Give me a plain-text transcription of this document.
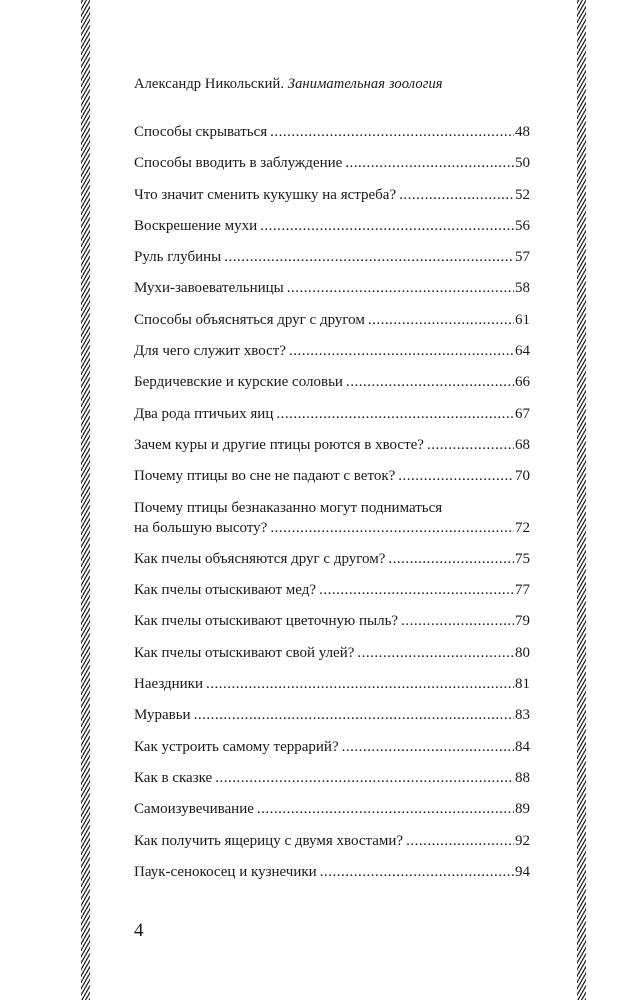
Александр Никольский. Занимательная зоология
Способы скрываться .....	48
Способы вводить в заблуждение .....	50
Что значит сменить кукушку на ястреба? .....	52
Воскрешение мухи .....	56
Руль глубины .....	57
Мухи-завоевательницы .....	58
Способы объясняться друг с другом .....	61
Для чего служит хвост? .....	64
Бердичевские и курские соловьи .....	66
Два рода птичьих яиц .....	67
Зачем куры и другие птицы роются в хвосте? .....	68
Почему птицы во сне не падают с веток? .....	70
Почему птицы безнаказанно могут подниматься
на большую высоту? .....	72
Как пчелы объясняются друг с другом? .....	75
Как пчелы отыскивают мед? .....	77
Как пчелы отыскивают цветочную пыль? .....	79
Как пчелы отыскивают свой улей? .....	80
Наездники .....	81
Муравьи .....	83
Как устроить самому террарий? .....	84
Как в сказке .....	88
Самоизувечивание .....	89
Как получить ящерицу с двумя хвостами? .....	92
Паук-сенокосец и кузнечики .....	94
4
